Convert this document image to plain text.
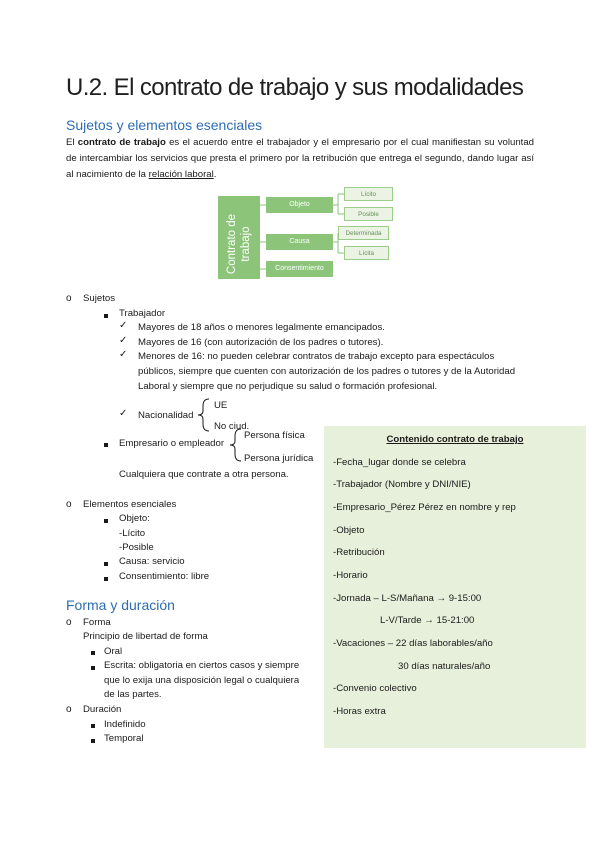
U.2. El contrato de trabajo y sus modalidades
Sujetos y elementos esenciales
El contrato de trabajo es el acuerdo entre el trabajador y el empresario por el cual manifiestan su voluntad de intercambiar los servicios que presta el primero por la retribución que entrega el segundo, dando lugar así al nacimiento de la relación laboral.
Contrato de trabajo
Objeto
Causa
Consentimiento
Lícito
Posible
Determinada
Lícita
o Sujetos
Trabajador
✓ Mayores de 18 años o menores legalmente emancipados.
✓ Mayores de 16 (con autorización de los padres o tutores).
✓ Menores de 16: no pueden celebrar contratos de trabajo excepto para espectáculos
públicos, siempre que cuenten con autorización de los padres o tutores y de la Autoridad
Laboral y siempre que no perjudique su salud o formación profesional.
✓ Nacionalidad
UE
No ciud.
Empresario o empleador
Persona física
Persona jurídica
Cualquiera que contrate a otra persona.
o Elementos esenciales
Objeto:
-Lícito
-Posible
Causa: servicio
Consentimiento: libre
Forma y duración
o Forma
Principio de libertad de forma
Oral
Escrita: obligatoria en ciertos casos y siempre
que lo exija una disposición legal o cualquiera
de las partes.
o Duración
Indefinido
Temporal
Contenido contrato de trabajo
-Fecha_lugar donde se celebra
-Trabajador (Nombre y DNI/NIE)
-Empresario_Pérez Pérez en nombre y rep
-Objeto
-Retribución
-Horario
-Jornada – L-S/Mañana → 9-15:00
L-V/Tarde → 15-21:00
-Vacaciones – 22 días laborables/año
30 días naturales/año
-Convenio colectivo
-Horas extra
